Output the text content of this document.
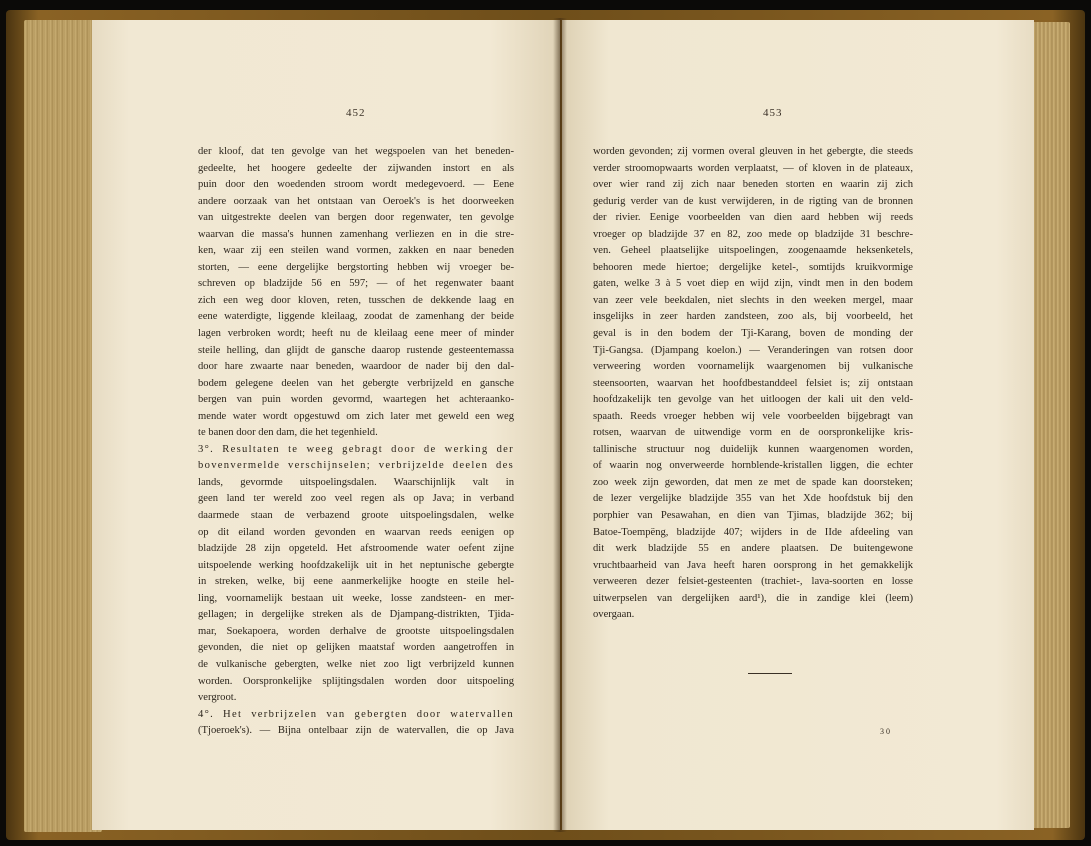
452
der kloof, dat ten gevolge van het wegspoelen van het beneden-
gedeelte, het hoogere gedeelte der zijwanden instort en als
puin door den woedenden stroom wordt medegevoerd. — Eene
andere oorzaak van het ontstaan van Oeroek's is het doorweeken
van uitgestrekte deelen van bergen door regenwater, ten gevolge
waarvan die massa's hunnen zamenhang verliezen en in die stre-
ken, waar zij een steilen wand vormen, zakken en naar beneden
storten, — eene dergelijke bergstorting hebben wij vroeger be-
schreven op bladzijde 56 en 597; — of het regenwater baant
zich een weg door kloven, reten, tusschen de dekkende laag en
eene waterdigte, liggende kleilaag, zoodat de zamenhang der beide
lagen verbroken wordt; heeft nu de kleilaag eene meer of minder
steile helling, dan glijdt de gansche daarop rustende gesteentemassa
door hare zwaarte naar beneden, waardoor de nader bij den dal-
bodem gelegene deelen van het gebergte verbrijzeld en gansche
bergen van puin worden gevormd, waartegen het achteraanko-
mende water wordt opgestuwd om zich later met geweld een weg
te banen door den dam, die het tegenhield.
3°. Resultaten te weeg gebragt door de werking der
bovenvermelde verschijnselen; verbrijzelde deelen des
lands, gevormde uitspoelingsdalen. Waarschijnlijk valt in
geen land ter wereld zoo veel regen als op Java; in verband
daarmede staan de verbazend groote uitspoelingsdalen, welke
op dit eiland worden gevonden en waarvan reeds eenigen op
bladzijde 28 zijn opgeteld. Het afstroomende water oefent zijne
uitspoelende werking hoofdzakelijk uit in het neptunische gebergte
in streken, welke, bij eene aanmerkelijke hoogte en steile hel-
ling, voornamelijk bestaan uit weeke, losse zandsteen- en mer-
gellagen; in dergelijke streken als de Djampang-distrikten, Tjida-
mar, Soekapoera, worden derhalve de grootste uitspoelingsdalen
gevonden, die niet op gelijken maatstaf worden aangetroffen in
de vulkanische gebergten, welke niet zoo ligt verbrijzeld kunnen
worden. Oorspronkelijke splijtingsdalen worden door uitspoeling
vergroot.
4°. Het verbrijzelen van gebergten door watervallen
(Tjoeroek's). — Bijna ontelbaar zijn de watervallen, die op Java
453
worden gevonden; zij vormen overal gleuven in het gebergte, die steeds
verder stroomopwaarts worden verplaatst, — of kloven in de plateaux,
over wier rand zij zich naar beneden storten en waarin zij zich
gedurig verder van de kust verwijderen, in de rigting van de bronnen
der rivier. Eenige voorbeelden van dien aard hebben wij reeds
vroeger op bladzijde 37 en 82, zoo mede op bladzijde 31 beschre-
ven. Geheel plaatselijke uitspoelingen, zoogenaamde heksenketels,
behooren mede hiertoe; dergelijke ketel-, somtijds kruikvormige
gaten, welke 3 à 5 voet diep en wijd zijn, vindt men in den bodem
van zeer vele beekdalen, niet slechts in den weeken mergel, maar
insgelijks in zeer harden zandsteen, zoo als, bij voorbeeld, het
geval is in den bodem der Tji-Karang, boven de monding der
Tji-Gangsa. (Djampang koelon.) — Veranderingen van rotsen door
verweering worden voornamelijk waargenomen bij vulkanische
steensoorten, waarvan het hoofdbestanddeel felsiet is; zij ontstaan
hoofdzakelijk ten gevolge van het uitloogen der kali uit den veld-
spaath. Reeds vroeger hebben wij vele voorbeelden bijgebragt van
rotsen, waarvan de uitwendige vorm en de oorspronkelijke kris-
tallinische structuur nog duidelijk kunnen waargenomen worden,
of waarin nog onverweerde hornblende-kristallen liggen, die echter
zoo week zijn geworden, dat men ze met de spade kan doorsteken;
de lezer vergelijke bladzijde 355 van het Xde hoofdstuk bij den
porphier van Pesawahan, en dien van Tjimas, bladzijde 362; bij
Batoe-Toempëng, bladzijde 407; wijders in de IIde afdeeling van
dit werk bladzijde 55 en andere plaatsen. De buitengewone
vruchtbaarheid van Java heeft haren oorsprong in het gemakkelijk
verweeren dezer felsiet-gesteenten (trachiet-, lava-soorten en losse
uitwerpselen van dergelijken aard¹), die in zandige klei (leem)
overgaan.
30
